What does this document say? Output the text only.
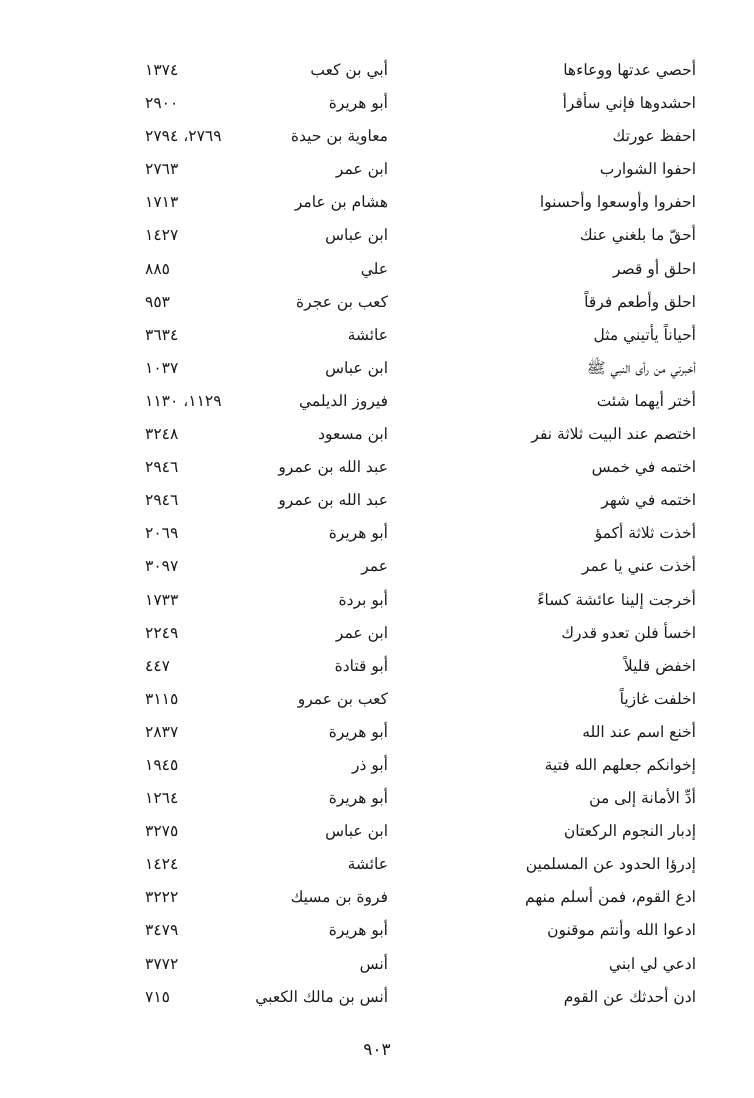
أحصي عدتها ووعاءها
أبي بن كعب
١٣٧٤
احشدوها فإني سأقرأ
أبو هريرة
٢٩٠٠
احفظ عورتك
معاوية بن حيدة
٢٧٦٩، ٢٧٩٤
احفوا الشوارب
ابن عمر
٢٧٦٣
احفروا وأوسعوا وأحسنوا
هشام بن عامر
١٧١٣
أحقّ ما بلغني عنك
ابن عباس
١٤٢٧
احلق أو قصر
علي
٨٨٥
احلق وأطعم فرقاً
كعب بن عجرة
٩٥٣
أحياناً يأتيني مثل
عائشة
٣٦٣٤
أخبرني من رأى النبي ﷺ
ابن عباس
١٠٣٧
أختر أيهما شئت
فيروز الديلمي
١١٢٩، ١١٣٠
اختصم عند البيت ثلاثة نفر
ابن مسعود
٣٢٤٨
اختمه في خمس
عبد الله بن عمرو
٢٩٤٦
اختمه في شهر
عبد الله بن عمرو
٢٩٤٦
أخذت ثلاثة أكمؤ
أبو هريرة
٢٠٦٩
أخذت عني يا عمر
عمر
٣٠٩٧
أخرجت إلينا عائشة كساءً
أبو بردة
١٧٣٣
اخسأ فلن تعدو قدرك
ابن عمر
٢٢٤٩
اخفض قليلاً
أبو قتادة
٤٤٧
اخلفت غازياً
كعب بن عمرو
٣١١٥
أخنع اسم عند الله
أبو هريرة
٢٨٣٧
إخوانكم جعلهم الله فتية
أبو ذر
١٩٤٥
أدِّ الأمانة إلى من
أبو هريرة
١٢٦٤
إدبار النجوم الركعتان
ابن عباس
٣٢٧٥
إدرؤا الحدود عن المسلمين
عائشة
١٤٢٤
ادع القوم، فمن أسلم منهم
فروة بن مسيك
٣٢٢٢
ادعوا الله وأنتم موقنون
أبو هريرة
٣٤٧٩
ادعي لي ابني
أنس
٣٧٧٢
ادن أحدثك عن القوم
أنس بن مالك الكعبي
٧١٥
٩٠٣
